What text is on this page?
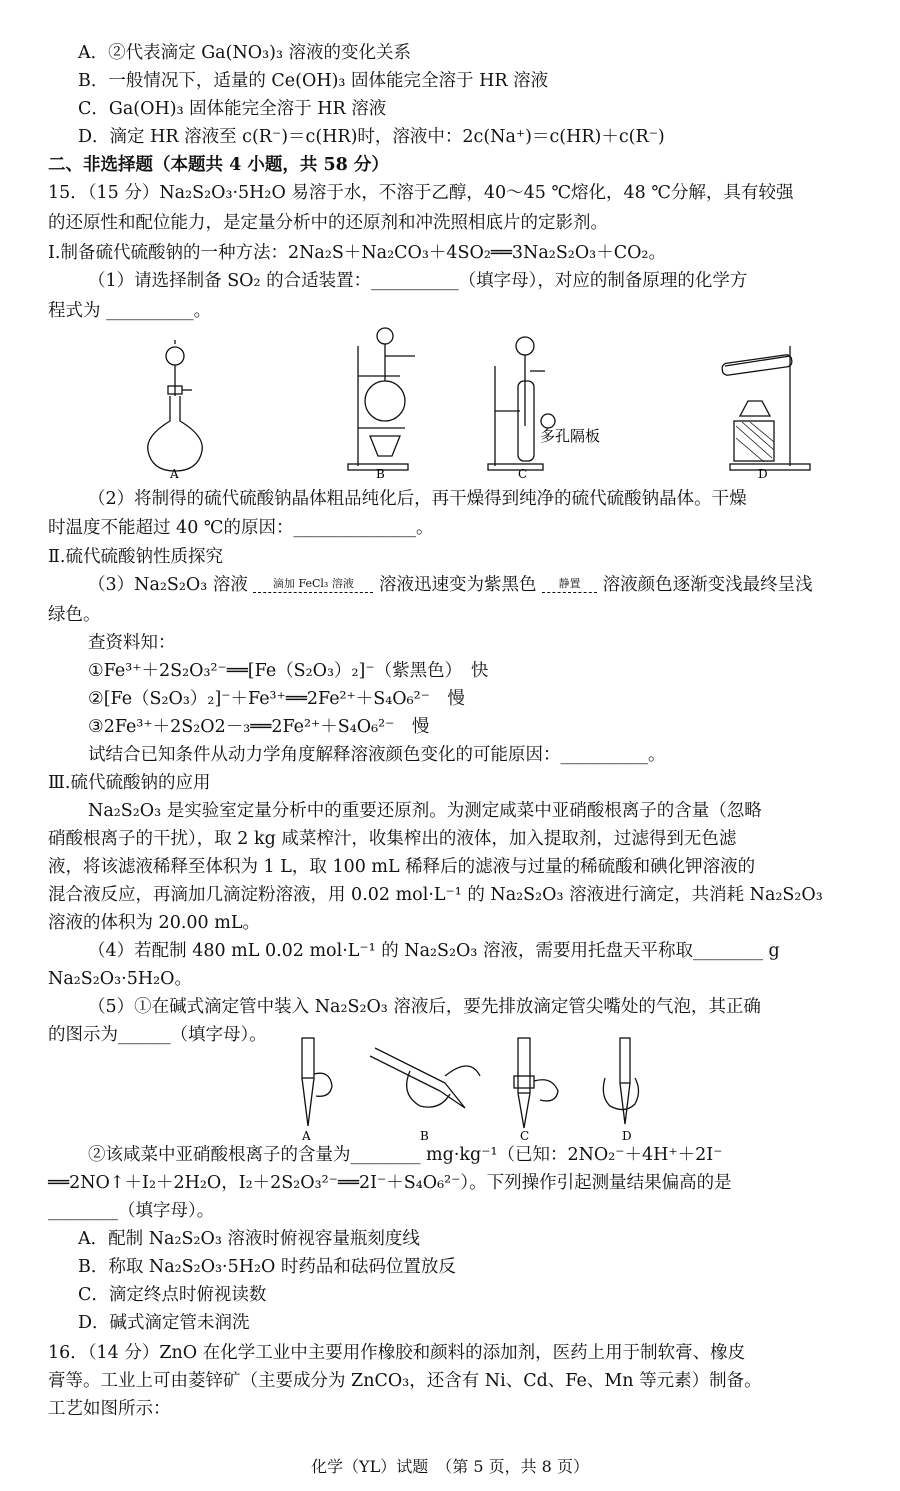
A．②代表滴定 Ga(NO₃)₃ 溶液的变化关系
B．一般情况下，适量的 Ce(OH)₃ 固体能完全溶于 HR 溶液
C．Ga(OH)₃ 固体能完全溶于 HR 溶液
D．滴定 HR 溶液至 c(R⁻)＝c(HR)时，溶液中：2c(Na⁺)＝c(HR)＋c(R⁻)
二、非选择题（本题共 4 小题，共 58 分）
15．（15 分）Na₂S₂O₃·5H₂O 易溶于水，不溶于乙醇，40～45 ℃熔化，48 ℃分解，具有较强
的还原性和配位能力，是定量分析中的还原剂和冲洗照相底片的定影剂。
Ⅰ.制备硫代硫酸钠的一种方法：2Na₂S＋Na₂CO₃＋4SO₂══3Na₂S₂O₃＋CO₂。
（1）请选择制备 SO₂ 的合适装置：__________（填字母），对应的制备原理的化学方
程式为 __________。
A	B	C	D
多孔隔板
（2）将制得的硫代硫酸钠晶体粗品纯化后，再干燥得到纯净的硫代硫酸钠晶体。干燥
时温度不能超过 40 ℃的原因：______________。
Ⅱ.硫代硫酸钠性质探究
（3）Na₂S₂O₃ 溶液	滴加 FeCl₃ 溶液	溶液迅速变为紫黑色	静置	溶液颜色逐渐变浅最终呈浅
绿色。
查资料知：
①Fe³⁺＋2S₂O₃²⁻══[Fe（S₂O₃）₂]⁻（紫黑色）　快
②[Fe（S₂O₃）₂]⁻＋Fe³⁺══2Fe²⁺＋S₄O₆²⁻　慢
③2Fe³⁺＋2S₂O2－₃══2Fe²⁺＋S₄O₆²⁻　慢
试结合已知条件从动力学角度解释溶液颜色变化的可能原因：__________。
Ⅲ.硫代硫酸钠的应用
Na₂S₂O₃ 是实验室定量分析中的重要还原剂。为测定咸菜中亚硝酸根离子的含量（忽略
硝酸根离子的干扰），取 2 kg 咸菜榨汁，收集榨出的液体，加入提取剂，过滤得到无色滤
液，将该滤液稀释至体积为 1 L，取 100 mL 稀释后的滤液与过量的稀硫酸和碘化钾溶液的
混合液反应，再滴加几滴淀粉溶液，用 0.02 mol·L⁻¹ 的 Na₂S₂O₃ 溶液进行滴定，共消耗 Na₂S₂O₃
溶液的体积为 20.00 mL。
（4）若配制 480 mL 0.02 mol·L⁻¹ 的 Na₂S₂O₃ 溶液，需要用托盘天平称取________ g
Na₂S₂O₃·5H₂O。
（5）①在碱式滴定管中装入 Na₂S₂O₃ 溶液后，要先排放滴定管尖嘴处的气泡，其正确
的图示为______（填字母）。
A	B	C	D
②该咸菜中亚硝酸根离子的含量为________ mg·kg⁻¹（已知：2NO₂⁻＋4H⁺＋2I⁻
══2NO↑＋I₂＋2H₂O，I₂＋2S₂O₃²⁻══2I⁻＋S₄O₆²⁻）。下列操作引起测量结果偏高的是
________（填字母）。
A．配制 Na₂S₂O₃ 溶液时俯视容量瓶刻度线
B．称取 Na₂S₂O₃·5H₂O 时药品和砝码位置放反
C．滴定终点时俯视读数
D．碱式滴定管未润洗
16．（14 分）ZnO 在化学工业中主要用作橡胶和颜料的添加剂，医药上用于制软膏、橡皮
膏等。工业上可由菱锌矿（主要成分为 ZnCO₃，还含有 Ni、Cd、Fe、Mn 等元素）制备。
工艺如图所示：
化学（YL）试题　（第 5 页，共 8 页）
